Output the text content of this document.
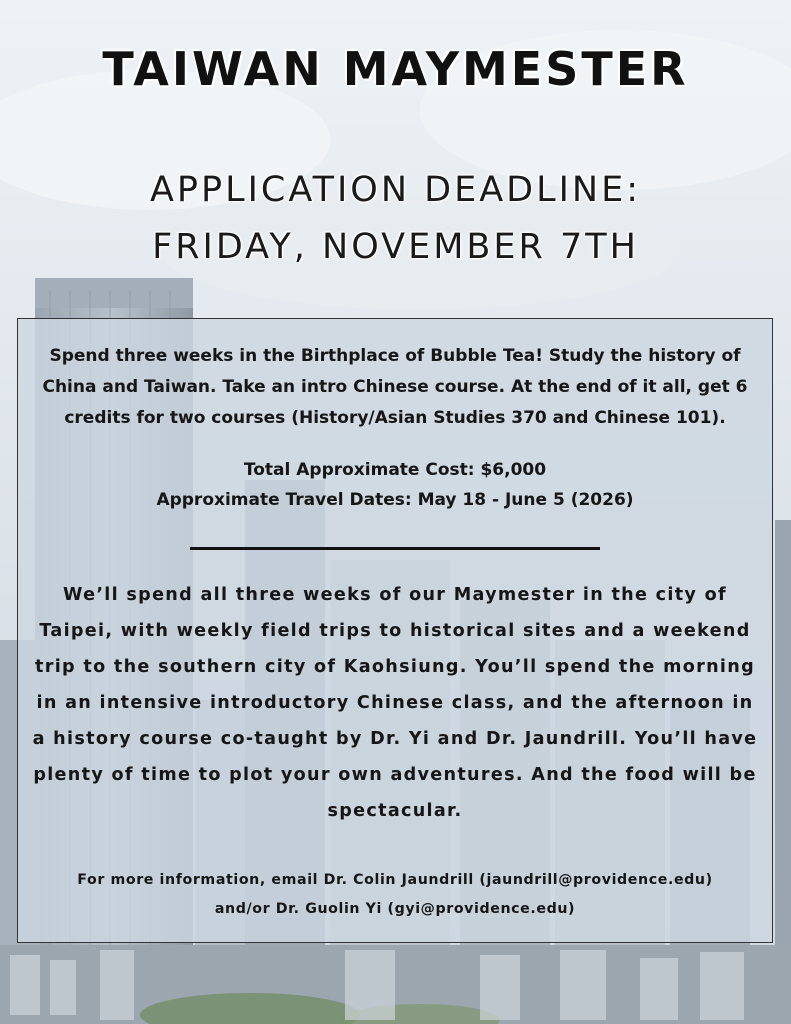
TAIWAN MAYMESTER
APPLICATION DEADLINE:
FRIDAY, NOVEMBER 7TH
Spend three weeks in the Birthplace of Bubble Tea! Study the history of China and Taiwan. Take an intro Chinese course. At the end of it all, get 6 credits for two courses (History/Asian Studies 370 and Chinese 101).
Total Approximate Cost: $6,000
Approximate Travel Dates: May 18 - June 5 (2026)
We’ll spend all three weeks of our Maymester in the city of Taipei, with weekly field trips to historical sites and a weekend trip to the southern city of Kaohsiung. You’ll spend the morning in an intensive introductory Chinese class, and the afternoon in a history course co-taught by Dr. Yi and Dr. Jaundrill. You’ll have plenty of time to plot your own adventures. And the food will be spectacular.
For more information, email Dr. Colin Jaundrill (jaundrill@providence.edu)
and/or Dr. Guolin Yi (gyi@providence.edu)
